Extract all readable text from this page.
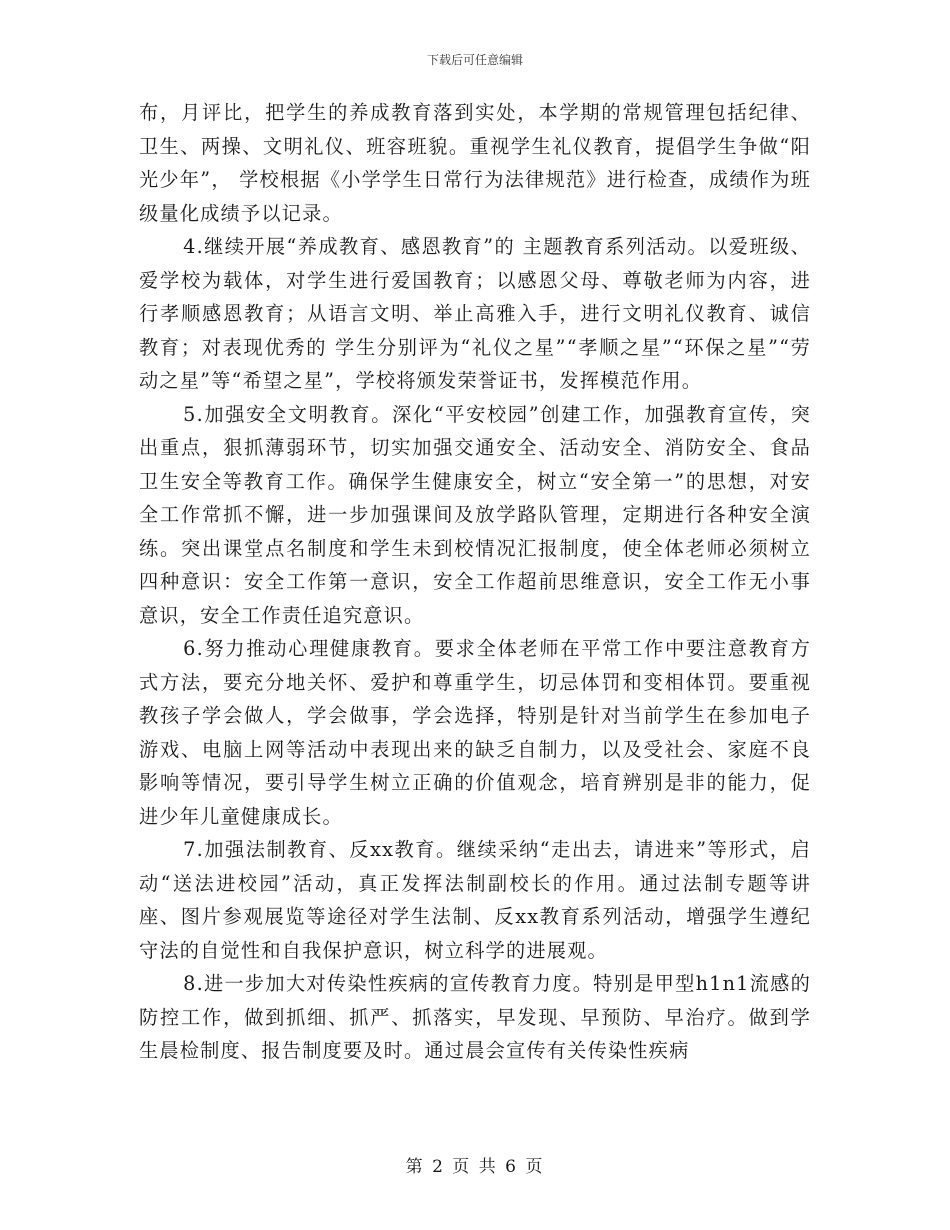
下载后可任意编辑

布，月评比，把学生的养成教育落到实处，本学期的常规管理包括纪律、卫生、两操、文明礼仪、班容班貌。重视学生礼仪教育，提倡学生争做“阳光少年”， 学校根据《小学学生日常行为法律规范》进行检查，成绩作为班级量化成绩予以记录。

4.继续开展“养成教育、感恩教育”的 主题教育系列活动。以爱班级、爱学校为载体，对学生进行爱国教育；以感恩父母、尊敬老师为内容，进行孝顺感恩教育；从语言文明、举止高雅入手，进行文明礼仪教育、诚信教育；对表现优秀的 学生分别评为“礼仪之星”“孝顺之星”“环保之星”“劳动之星”等“希望之星”，学校将颁发荣誉证书，发挥模范作用。

5.加强安全文明教育。深化“平安校园”创建工作，加强教育宣传，突出重点，狠抓薄弱环节，切实加强交通安全、活动安全、消防安全、食品卫生安全等教育工作。确保学生健康安全，树立“安全第一”的思想，对安全工作常抓不懈，进一步加强课间及放学路队管理，定期进行各种安全演练。突出课堂点名制度和学生未到校情况汇报制度，使全体老师必须树立四种意识：安全工作第一意识，安全工作超前思维意识，安全工作无小事意识，安全工作责任追究意识。

6.努力推动心理健康教育。要求全体老师在平常工作中要注意教育方式方法，要充分地关怀、爱护和尊重学生，切忌体罚和变相体罚。要重视教孩子学会做人，学会做事，学会选择，特别是针对当前学生在参加电子游戏、电脑上网等活动中表现出来的缺乏自制力，以及受社会、家庭不良影响等情况，要引导学生树立正确的价值观念，培育辨别是非的能力，促进少年儿童健康成长。

7.加强法制教育、反xx教育。继续采纳“走出去，请进来”等形式，启动“送法进校园”活动，真正发挥法制副校长的作用。通过法制专题等讲座、图片参观展览等途径对学生法制、反xx教育系列活动，增强学生遵纪守法的自觉性和自我保护意识，树立科学的进展观。

8.进一步加大对传染性疾病的宣传教育力度。特别是甲型h1n1流感的防控工作，做到抓细、抓严、抓落实，早发现、早预防、早治疗。做到学生晨检制度、报告制度要及时。通过晨会宣传有关传染性疾病

第 2 页 共 6 页
